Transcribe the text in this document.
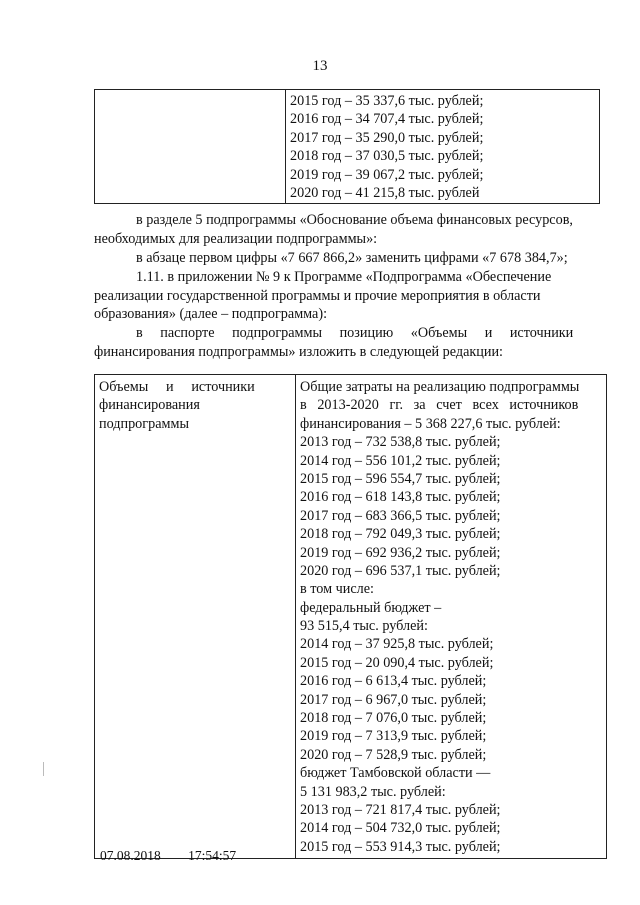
13

2015 год – 35 337,6 тыс. рублей;
2016 год – 34 707,4 тыс. рублей;
2017 год – 35 290,0 тыс. рублей;
2018 год – 37 030,5 тыс. рублей;
2019 год – 39 067,2 тыс. рублей;
2020 год – 41 215,8 тыс. рублей
в разделе 5 подпрограммы «Обоснование объема финансовых ресурсов,
необходимых для реализации подпрограммы»:
в абзаце первом цифры «7 667 866,2» заменить цифрами «7 678 384,7»;
1.11. в приложении № 9 к Программе «Подпрограмма «Обеспечение
реализации государственной программы и прочие мероприятия в области
образования» (далее – подпрограмма):
в паспорте подпрограммы позицию «Объемы и источники
финансирования подпрограммы» изложить в следующей редакции:
Объемы     и     источники
финансирования
подпрограммы

Общие затраты на реализацию подпрограммы
в   2013-2020   гг.   за   счет   всех   источников
финансирования – 5 368 227,6 тыс. рублей:
2013 год – 732 538,8 тыс. рублей;
2014 год – 556 101,2 тыс. рублей;
2015 год – 596 554,7 тыс. рублей;
2016 год – 618 143,8 тыс. рублей;
2017 год – 683 366,5 тыс. рублей;
2018 год – 792 049,3 тыс. рублей;
2019 год – 692 936,2 тыс. рублей;
2020 год – 696 537,1 тыс. рублей;
в том числе:
федеральный бюджет –
93 515,4 тыс. рублей:
2014 год – 37 925,8 тыс. рублей;
2015 год – 20 090,4 тыс. рублей;
2016 год – 6 613,4 тыс. рублей;
2017 год – 6 967,0 тыс. рублей;
2018 год – 7 076,0 тыс. рублей;
2019 год – 7 313,9 тыс. рублей;
2020 год – 7 528,9 тыс. рублей;
бюджет Тамбовской области —
5 131 983,2 тыс. рублей:
2013 год – 721 817,4 тыс. рублей;
2014 год – 504 732,0 тыс. рублей;
2015 год – 553 914,3 тыс. рублей;
07.08.2018 17:54:57
